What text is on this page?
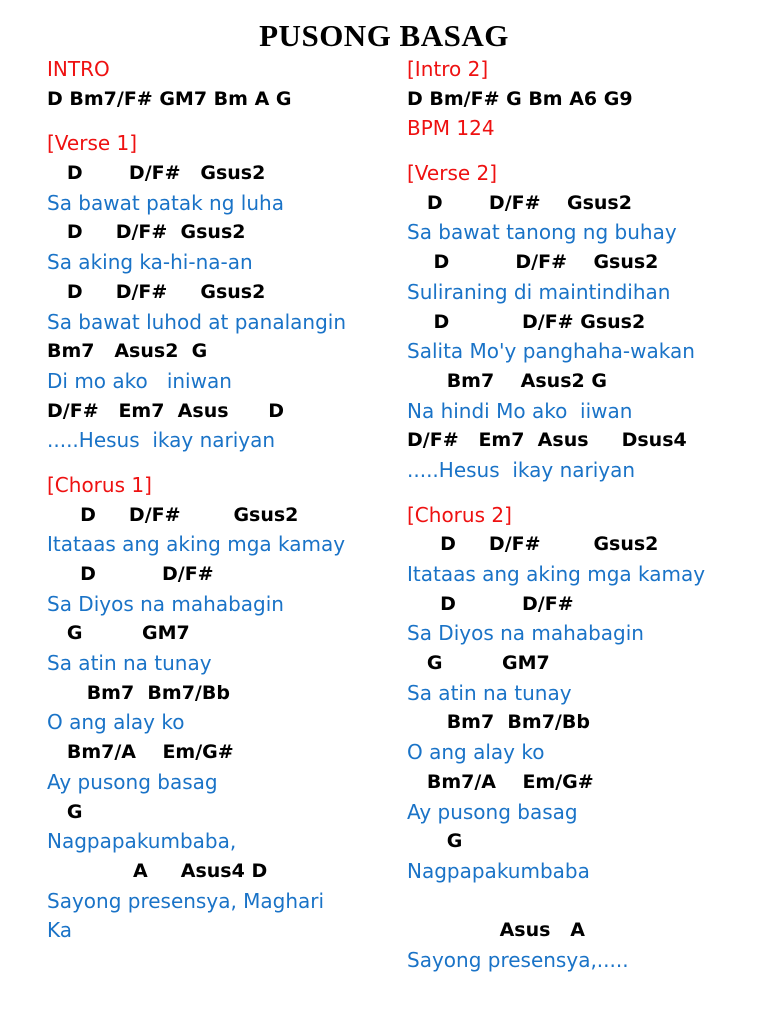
PUSONG BASAG
INTRO
D Bm7/F# GM7 Bm A G
[Verse 1]
D       D/F#   Gsus2
Sa bawat patak ng luha
D     D/F#  Gsus2
Sa aking ka-hi-na-an
D     D/F#     Gsus2
Sa bawat luhod at panalangin
Bm7   Asus2  G
Di mo ako   iniwan
D/F#   Em7  Asus      D
.....Hesus  ikay nariyan
[Chorus 1]
D     D/F#        Gsus2
Itataas ang aking mga kamay
D          D/F#
Sa Diyos na mahabagin
G         GM7
Sa atin na tunay
Bm7  Bm7/Bb
O ang alay ko
Bm7/A    Em/G#
Ay pusong basag
G
Nagpapakumbaba,
A     Asus4 D
Sayong presensya, Maghari
Ka
[Intro 2]
D Bm/F# G Bm A6 G9
BPM 124
[Verse 2]
D       D/F#    Gsus2
Sa bawat tanong ng buhay
D          D/F#    Gsus2
Suliraning di maintindihan
D           D/F# Gsus2
Salita Mo'y panghaha-wakan
Bm7    Asus2 G
Na hindi Mo ako  iiwan
D/F#   Em7  Asus     Dsus4
.....Hesus  ikay nariyan
[Chorus 2]
D     D/F#        Gsus2
Itataas ang aking mga kamay
D          D/F#
Sa Diyos na mahabagin
G         GM7
Sa atin na tunay
Bm7  Bm7/Bb
O ang alay ko
Bm7/A    Em/G#
Ay pusong basag
G
Nagpapakumbaba
Asus   A
Sayong presensya,.....
